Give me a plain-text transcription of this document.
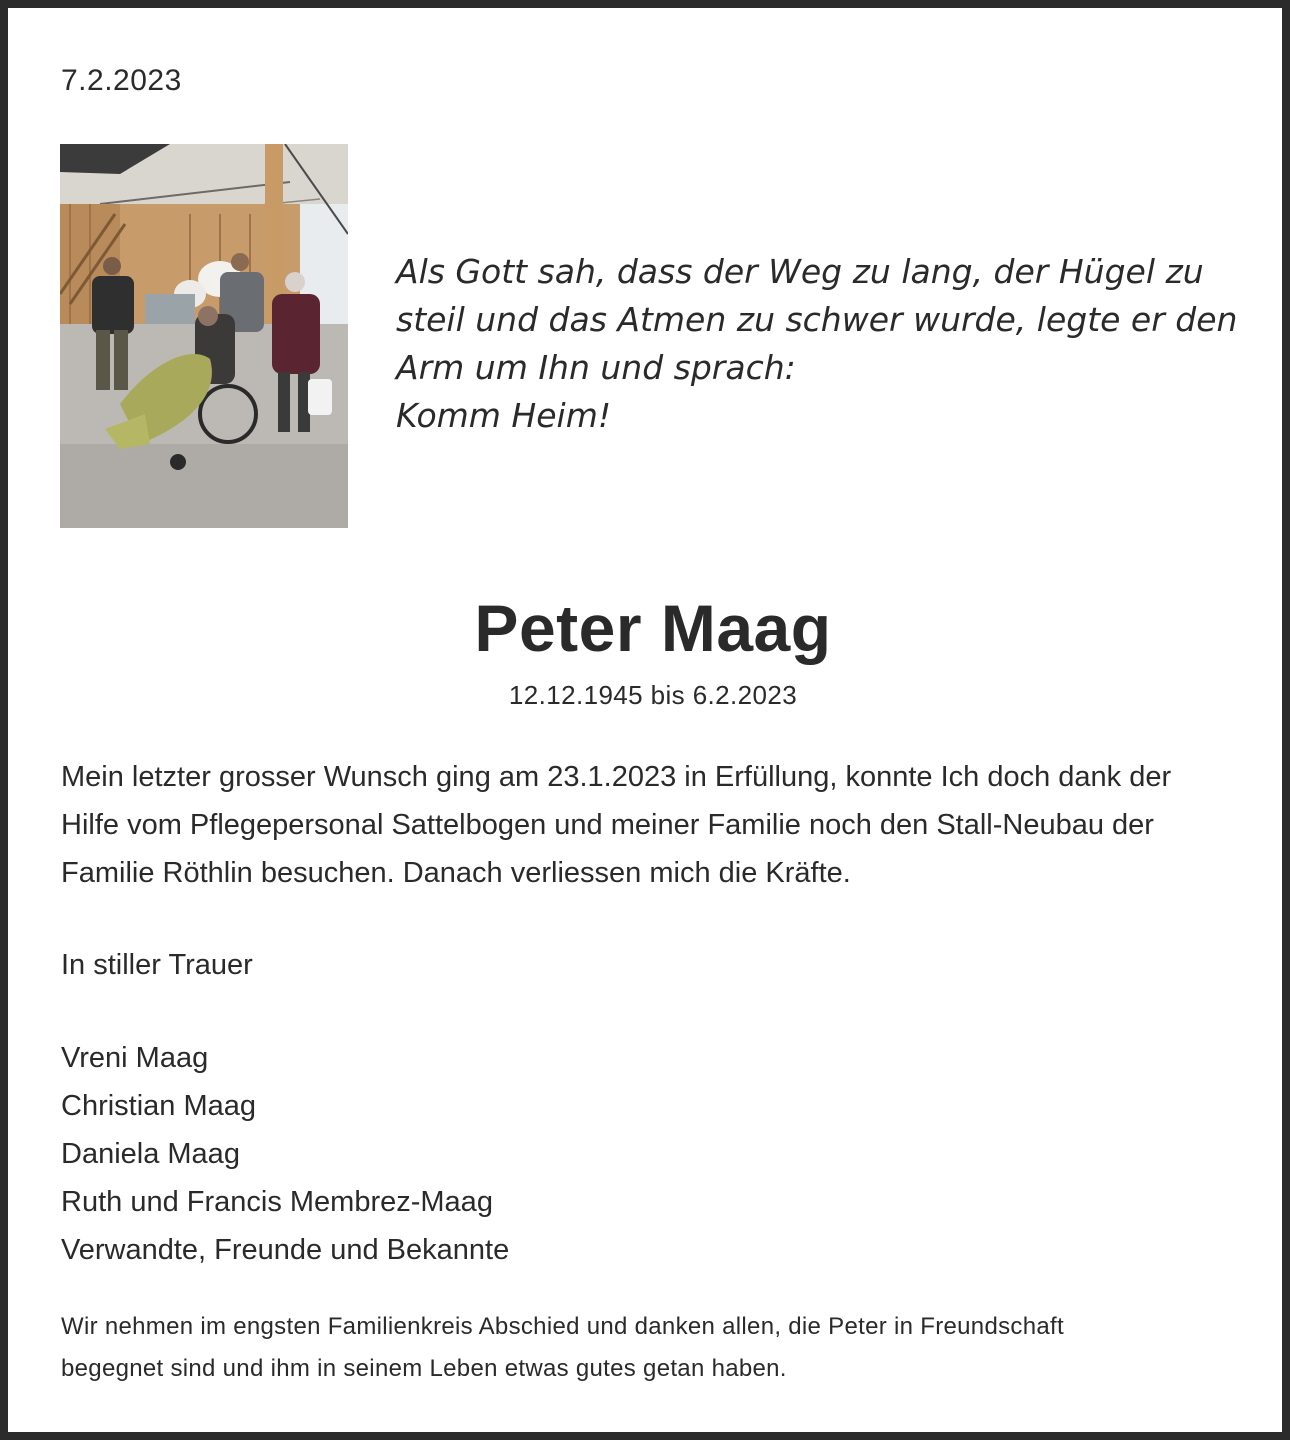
7.2.2023
Als Gott sah, dass der Weg zu lang, der Hügel zu
steil und das Atmen zu schwer wurde, legte er den
Arm um Ihn und sprach:
Komm Heim!
Peter Maag
12.12.1945 bis 6.2.2023
Mein letzter grosser Wunsch ging am 23.1.2023 in Erfüllung, konnte Ich doch dank der
Hilfe vom Pflegepersonal Sattelbogen und meiner Familie noch den Stall-Neubau der
Familie Röthlin besuchen. Danach verliessen mich die Kräfte.
In stiller Trauer
Vreni Maag
Christian Maag
Daniela Maag
Ruth und Francis Membrez-Maag
Verwandte, Freunde und Bekannte
Wir nehmen im engsten Familienkreis Abschied und danken allen, die Peter in Freundschaft
begegnet sind und ihm in seinem Leben etwas gutes getan haben.
